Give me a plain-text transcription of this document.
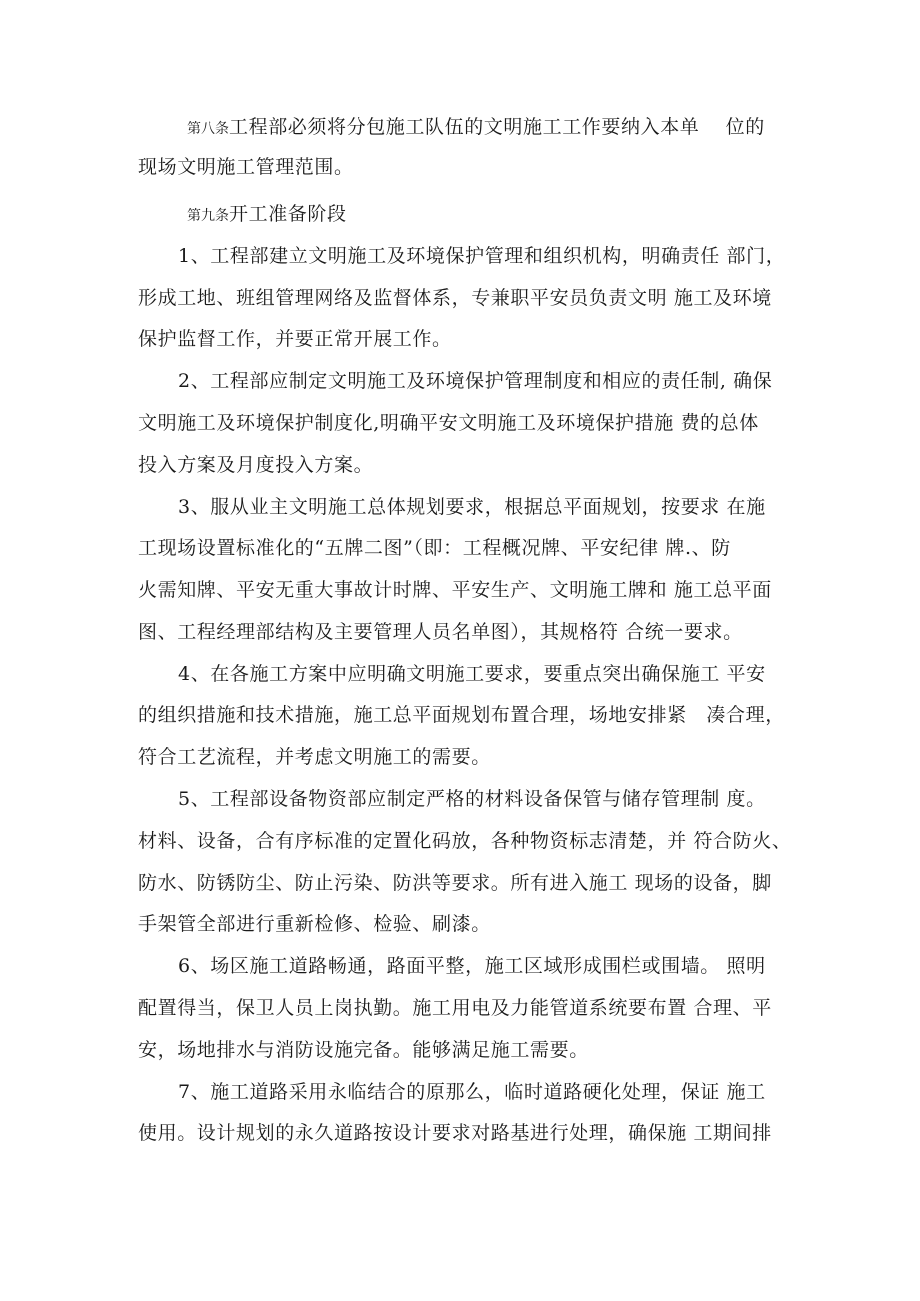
第八条工程部必须将分包施工队伍的文明施工工作要纳入本单　 位的
现场文明施工管理范围。
第九条开工准备阶段
1、工程部建立文明施工及环境保护管理和组织机构，明确责任 部门，
形成工地、班组管理网络及监督体系，专兼职平安员负责文明 施工及环境
保护监督工作，并要正常开展工作。
2、工程部应制定文明施工及环境保护管理制度和相应的责任制, 确保
文明施工及环境保护制度化,明确平安文明施工及环境保护措施 费的总体
投入方案及月度投入方案。
3、服从业主文明施工总体规划要求，根据总平面规划，按要求 在施
工现场设置标准化的“五牌二图”（即：工程概况牌、平安纪律 牌.、防
火需知牌、平安无重大事故计时牌、平安生产、文明施工牌和 施工总平面
图、工程经理部结构及主要管理人员名单图），其规格符 合统一要求。
4、在各施工方案中应明确文明施工要求，要重点突出确保施工 平安
的组织措施和技术措施，施工总平面规划布置合理，场地安排紧　凑合理，
符合工艺流程，并考虑文明施工的需要。
5、工程部设备物资部应制定严格的材料设备保管与储存管理制 度。
材料、设备，合有序标准的定置化码放，各种物资标志清楚，并 符合防火、
防水、防锈防尘、防止污染、防洪等要求。所有进入施工 现场的设备，脚
手架管全部进行重新检修、检验、刷漆。
6、场区施工道路畅通，路面平整，施工区域形成围栏或围墙。 照明
配置得当，保卫人员上岗执勤。施工用电及力能管道系统要布置 合理、平
安，场地排水与消防设施完备。能够满足施工需要。
7、施工道路采用永临结合的原那么，临时道路硬化处理，保证 施工
使用。设计规划的永久道路按设计要求对路基进行处理，确保施 工期间排
